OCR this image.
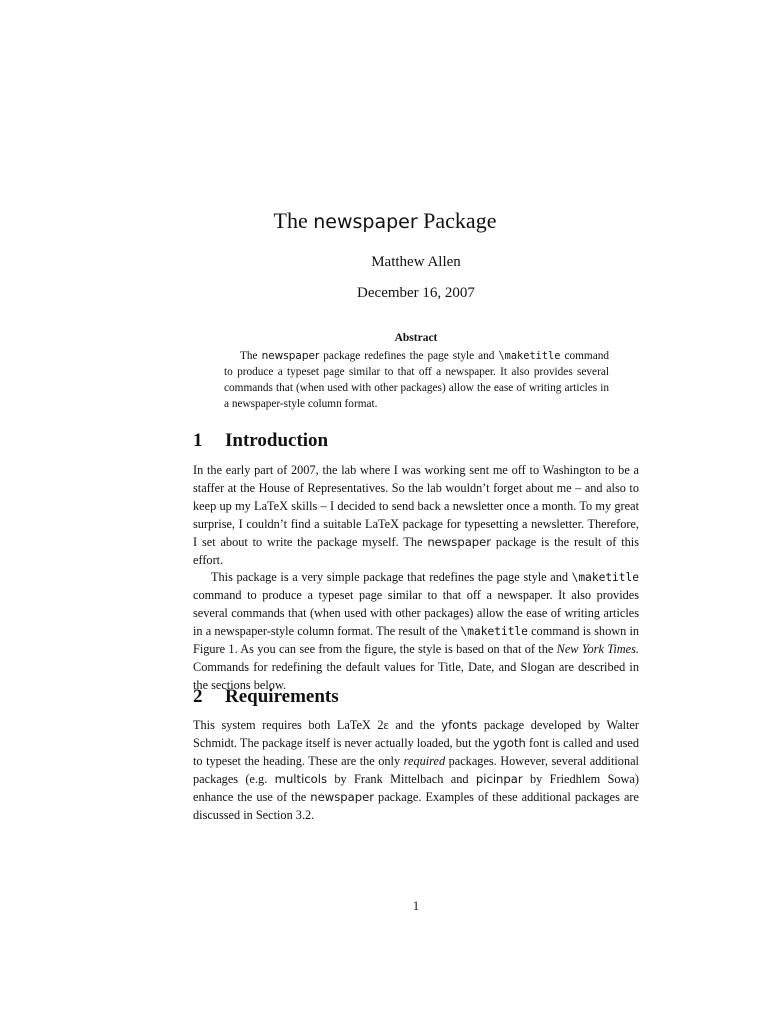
The newspaper Package
Matthew Allen
December 16, 2007
Abstract

The newspaper package redefines the page style and \maketitle command to produce a typeset page similar to that off a newspaper. It also provides several commands that (when used with other packages) allow the ease of writing articles in a newspaper-style column format.

1 Introduction

In the early part of 2007, the lab where I was working sent me off to Washington to be a staffer at the House of Representatives. So the lab wouldn’t forget about me – and also to keep up my LaTeX skills – I decided to send back a newsletter once a month. To my great surprise, I couldn’t find a suitable LaTeX package for typesetting a newsletter. Therefore, I set about to write the package myself. The newspaper package is the result of this effort.

This package is a very simple package that redefines the page style and \maketitle command to produce a typeset page similar to that off a newspaper. It also provides several commands that (when used with other packages) allow the ease of writing articles in a newspaper-style column format. The result of the \maketitle command is shown in Figure 1. As you can see from the figure, the style is based on that of the New York Times. Commands for redefining the default values for Title, Date, and Slogan are described in the sections below.

2 Requirements

This system requires both LaTeX 2ε and the yfonts package developed by Walter Schmidt. The package itself is never actually loaded, but the ygoth font is called and used to typeset the heading. These are the only required packages. However, several additional packages (e.g. multicols by Frank Mittelbach and picinpar by Friedhlem Sowa) enhance the use of the newspaper package. Examples of these additional packages are discussed in Section 3.2.

1
